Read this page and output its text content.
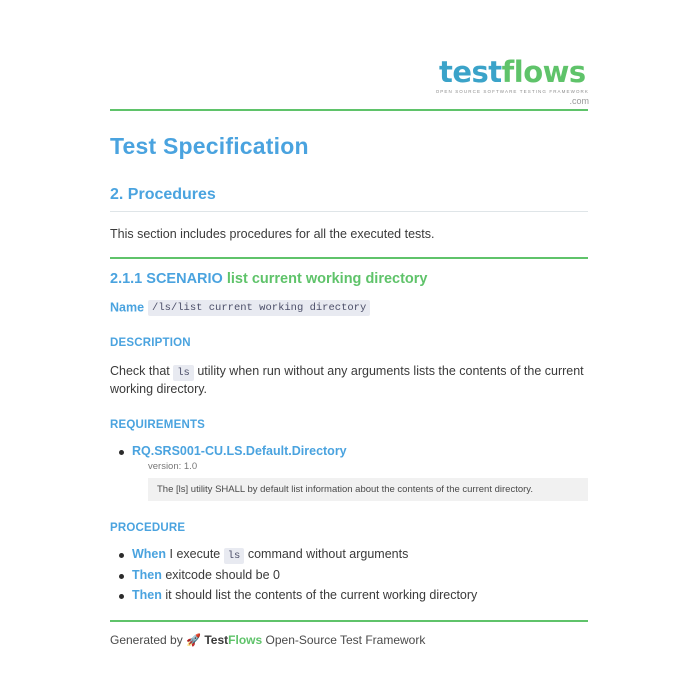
testflows
OPEN SOURCE SOFTWARE TESTING FRAMEWORK
.com
Test Specification
2. Procedures

This section includes procedures for all the executed tests.

2.1.1 SCENARIO list current working directory
Name /ls/list current working directory
DESCRIPTION

Check that ls utility when run without any arguments lists the contents of the current working directory.

REQUIREMENTS
RQ.SRS001-CU.LS.Default.Directory
version: 1.0
The [ls] utility SHALL by default list information about the contents of the current directory.
PROCEDURE
When I execute ls command without arguments
Then exitcode should be 0
Then it should list the contents of the current working directory
Generated by 🚀 TestFlows Open-Source Test Framework
